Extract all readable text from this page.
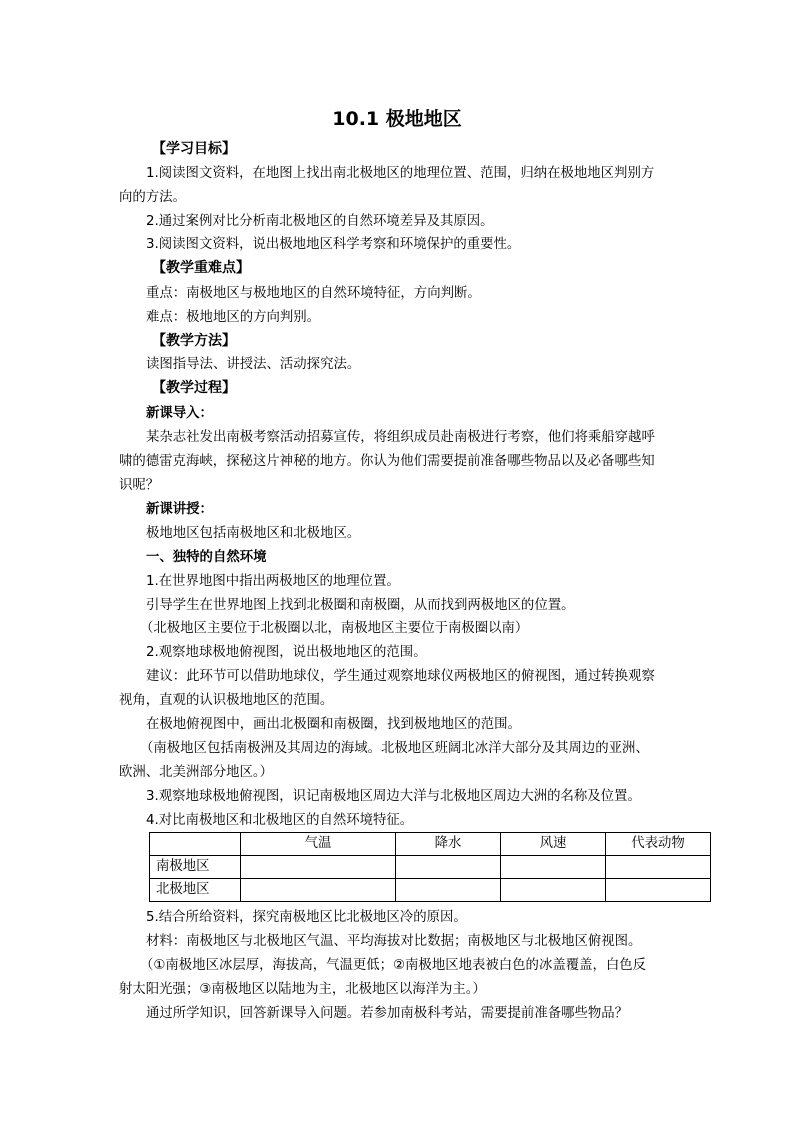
10.1 极地地区
【学习目标】
1.阅读图文资料，在地图上找出南北极地区的地理位置、范围，归纳在极地地区判别方
向的方法。
2.通过案例对比分析南北极地区的自然环境差异及其原因。
3.阅读图文资料，说出极地地区科学考察和环境保护的重要性。
【教学重难点】
重点：南极地区与极地地区的自然环境特征，方向判断。
难点：极地地区的方向判别。
【教学方法】
读图指导法、讲授法、活动探究法。
【教学过程】
新课导入：
某杂志社发出南极考察活动招募宣传，将组织成员赴南极进行考察，他们将乘船穿越呼
啸的德雷克海峡，探秘这片神秘的地方。你认为他们需要提前准备哪些物品以及必备哪些知
识呢？
新课讲授：
极地地区包括南极地区和北极地区。
一、独特的自然环境
1.在世界地图中指出两极地区的地理位置。
引导学生在世界地图上找到北极圈和南极圈，从而找到两极地区的位置。
（北极地区主要位于北极圈以北，南极地区主要位于南极圈以南）
2.观察地球极地俯视图，说出极地地区的范围。
建议：此环节可以借助地球仪，学生通过观察地球仪两极地区的俯视图，通过转换观察
视角，直观的认识极地地区的范围。
在极地俯视图中，画出北极圈和南极圈，找到极地地区的范围。
（南极地区包括南极洲及其周边的海域。北极地区班阔北冰洋大部分及其周边的亚洲、
欧洲、北美洲部分地区。）
3.观察地球极地俯视图，识记南极地区周边大洋与北极地区周边大洲的名称及位置。
4.对比南极地区和北极地区的自然环境特征。
	气温	降水	风速	代表动物
南极地区				
北极地区				
5.结合所给资料，探究南极地区比北极地区冷的原因。
材料：南极地区与北极地区气温、平均海拔对比数据；南极地区与北极地区俯视图。
（①南极地区冰层厚，海拔高，气温更低；②南极地区地表被白色的冰盖覆盖，白色反
射太阳光强；③南极地区以陆地为主，北极地区以海洋为主。）
通过所学知识，回答新课导入问题。若参加南极科考站，需要提前准备哪些物品？
